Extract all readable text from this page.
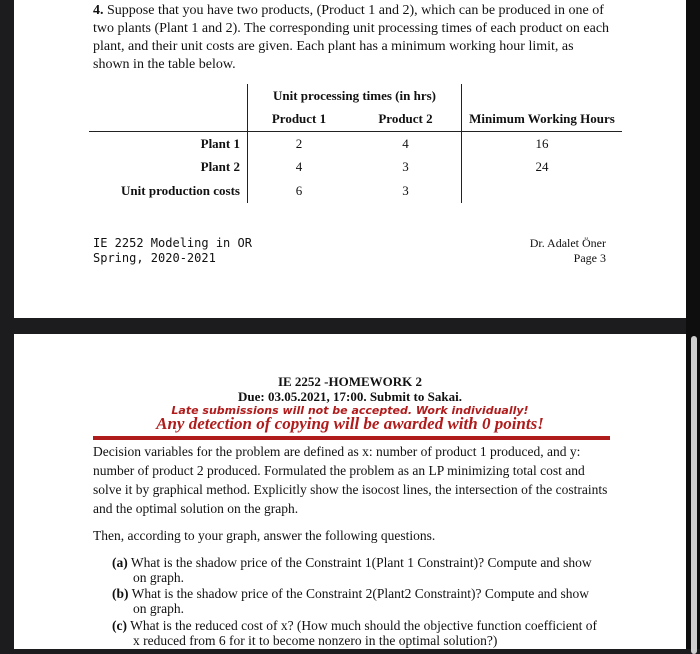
4. Suppose that you have two products, (Product 1 and 2), which can be produced in one of two plants (Plant 1 and 2). The corresponding unit processing times of each product on each plant, and their unit costs are given. Each plant has a minimum working hour limit, as shown in the table below.

	Unit processing times (in hrs)		
	Product 1	Product 2	Minimum Working Hours
Plant 1	2	4	16
Plant 2	4	3	24
Unit production costs	6	3	
IE 2252 Modeling in OR
Spring, 2020-2021
Dr. Adalet Öner
Page 3
IE 2252 -HOMEWORK 2
Due: 03.05.2021, 17:00. Submit to Sakai.
Late submissions will not be accepted. Work individually!
Any detection of copying will be awarded with 0 points!

Decision variables for the problem are defined as x: number of product 1 produced, and y: number of product 2 produced. Formulated the problem as an LP minimizing total cost and solve it by graphical method. Explicitly show the isocost lines, the intersection of the costraints and the optimal solution on the graph.

Then, according to your graph, answer the following questions.

(a) What is the shadow price of the Constraint 1(Plant 1 Constraint)? Compute and show
on graph.
(b) What is the shadow price of the Constraint 2(Plant2 Constraint)? Compute and show
on graph.
(c) What is the reduced cost of x? (How much should the objective function coefficient of
x reduced from 6 for it to become nonzero in the optimal solution?)
